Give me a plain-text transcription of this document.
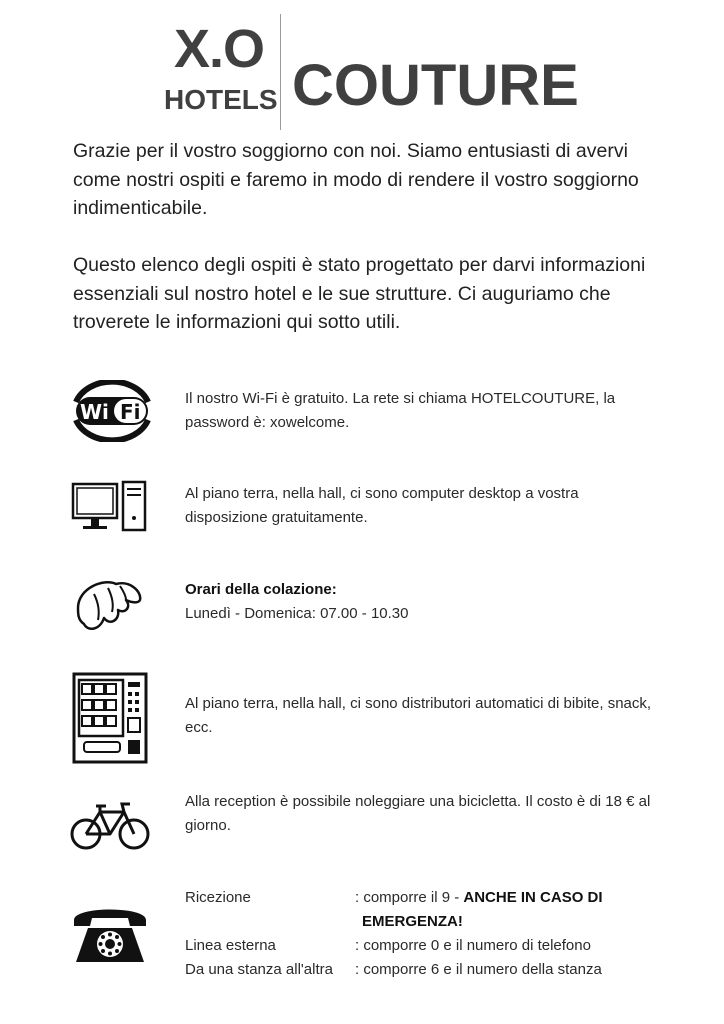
X.O
HOTELS COUTURE

Grazie per il vostro soggiorno con noi. Siamo entusiasti di avervi come nostri ospiti e faremo in modo di rendere il vostro soggiorno indimenticabile.

Questo elenco degli ospiti è stato progettato per darvi informazioni essenziali sul nostro hotel e le sue strutture. Ci auguriamo che troverete le informazioni qui sotto utili.

Wi Fi
Il nostro Wi-Fi è gratuito. La rete si chiama HOTELCOUTURE, la password è: xowelcome.
Al piano terra, nella hall, ci sono computer desktop a vostra disposizione gratuitamente.
Orari della colazione:
Lunedì - Domenica: 07.00 - 10.30
Al piano terra, nella hall, ci sono distributori automatici di bibite, snack, ecc.
Alla reception è possibile noleggiare una bicicletta. Il costo è di 18 € al giorno.
Ricezione	: comporre il 9 - ANCHE IN CASO DI
EMERGENZA!
Linea esterna	: comporre 0 e il numero di telefono
Da una stanza all'altra	: comporre 6 e il numero della stanza
